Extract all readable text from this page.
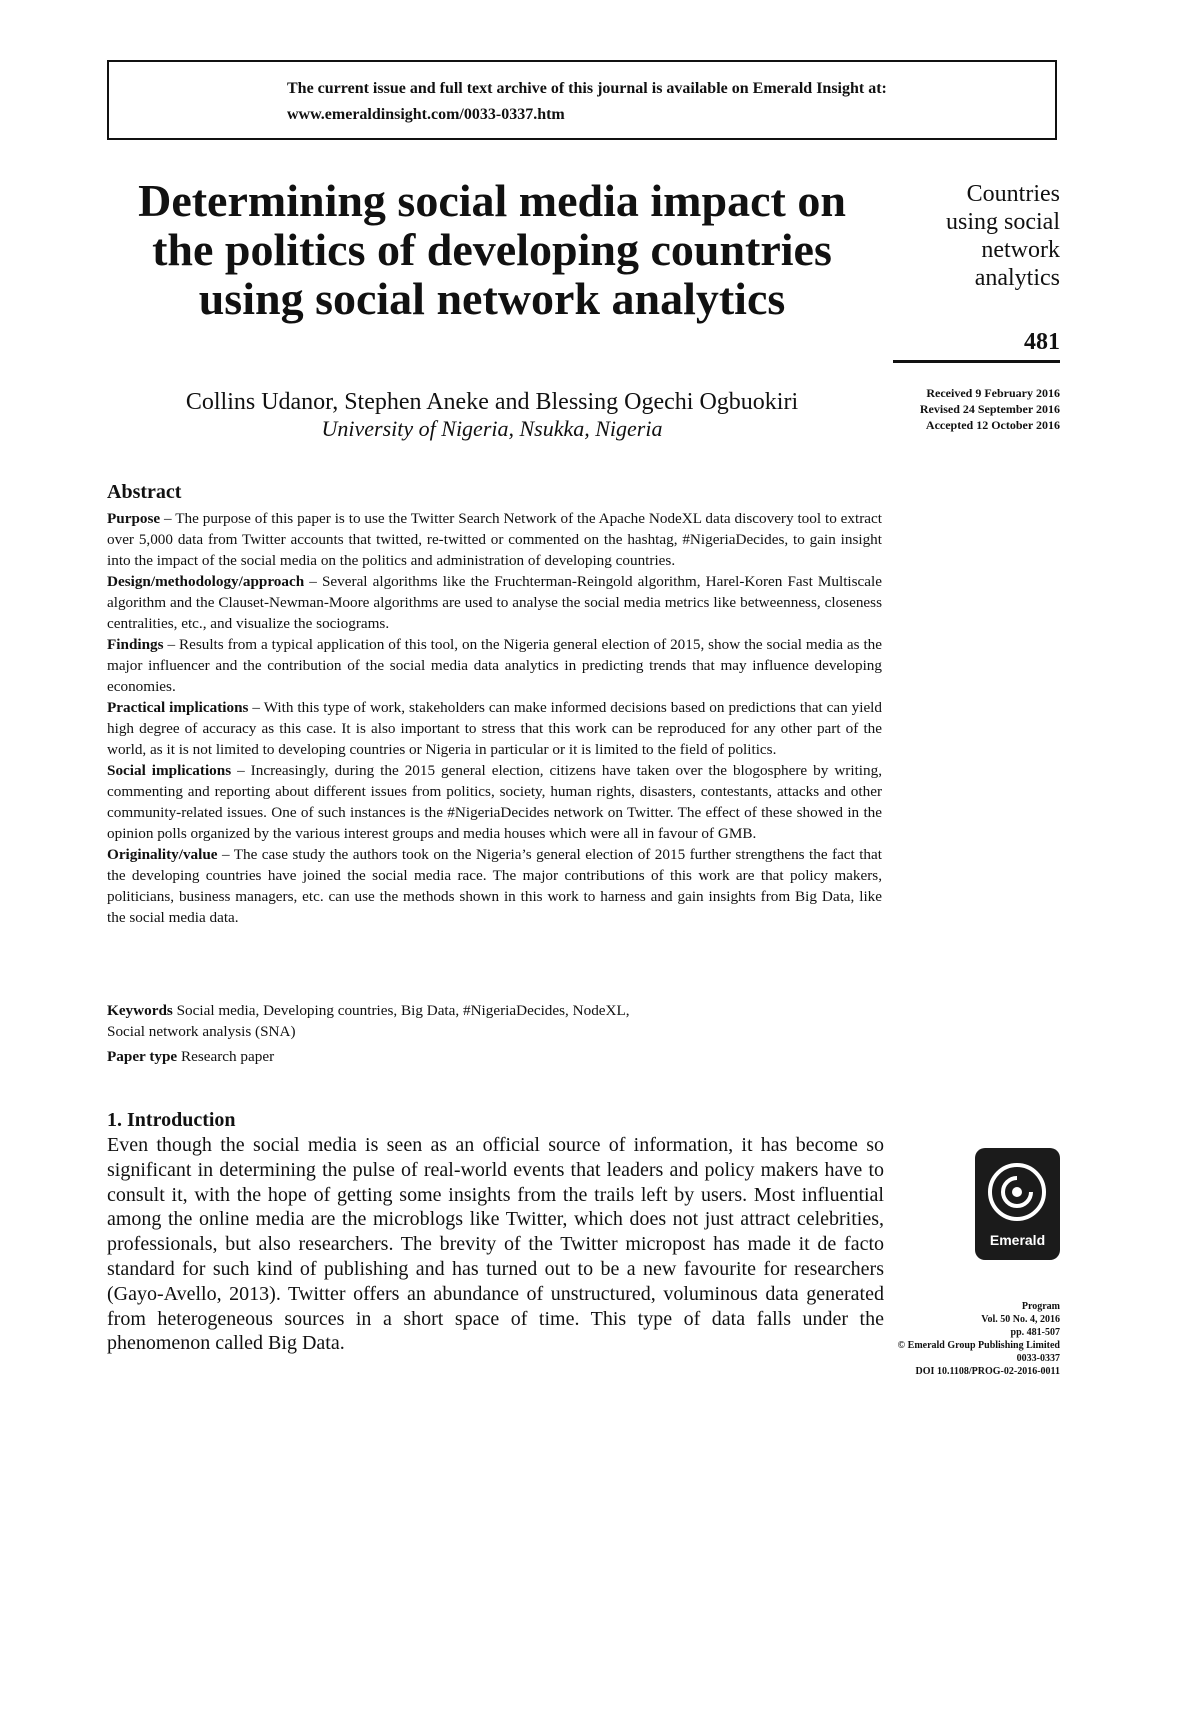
The current issue and full text archive of this journal is available on Emerald Insight at:
www.emeraldinsight.com/0033-0337.htm
Determining social media impact on the politics of developing countries using social network analytics
Collins Udanor, Stephen Aneke and Blessing Ogechi Ogbuokiri
University of Nigeria, Nsukka, Nigeria
Countries
using social
network
analytics
481
Received 9 February 2016
Revised 24 September 2016
Accepted 12 October 2016
Abstract

Purpose – The purpose of this paper is to use the Twitter Search Network of the Apache NodeXL data discovery tool to extract over 5,000 data from Twitter accounts that twitted, re-twitted or commented on the hashtag, #NigeriaDecides, to gain insight into the impact of the social media on the politics and administration of developing countries.

Design/methodology/approach – Several algorithms like the Fruchterman-Reingold algorithm, Harel-Koren Fast Multiscale algorithm and the Clauset-Newman-Moore algorithms are used to analyse the social media metrics like betweenness, closeness centralities, etc., and visualize the sociograms.

Findings – Results from a typical application of this tool, on the Nigeria general election of 2015, show the social media as the major influencer and the contribution of the social media data analytics in predicting trends that may influence developing economies.

Practical implications – With this type of work, stakeholders can make informed decisions based on predictions that can yield high degree of accuracy as this case. It is also important to stress that this work can be reproduced for any other part of the world, as it is not limited to developing countries or Nigeria in particular or it is limited to the field of politics.

Social implications – Increasingly, during the 2015 general election, citizens have taken over the blogosphere by writing, commenting and reporting about different issues from politics, society, human rights, disasters, contestants, attacks and other community-related issues. One of such instances is the #NigeriaDecides network on Twitter. The effect of these showed in the opinion polls organized by the various interest groups and media houses which were all in favour of GMB.

Originality/value – The case study the authors took on the Nigeria’s general election of 2015 further strengthens the fact that the developing countries have joined the social media race. The major contributions of this work are that policy makers, politicians, business managers, etc. can use the methods shown in this work to harness and gain insights from Big Data, like the social media data.

Keywords Social media, Developing countries, Big Data, #NigeriaDecides, NodeXL,
Social network analysis (SNA)
Paper type Research paper
1. Introduction

Even though the social media is seen as an official source of information, it has become so significant in determining the pulse of real-world events that leaders and policy makers have to consult it, with the hope of getting some insights from the trails left by users. Most influential among the online media are the microblogs like Twitter, which does not just attract celebrities, professionals, but also researchers. The brevity of the Twitter micropost has made it de facto standard for such kind of publishing and has turned out to be a new favourite for researchers (Gayo-Avello, 2013). Twitter offers an abundance of unstructured, voluminous data generated from heterogeneous sources in a short space of time. This type of data falls under the phenomenon called Big Data.

Emerald
Program
Vol. 50 No. 4, 2016
pp. 481-507
© Emerald Group Publishing Limited
0033-0337
DOI 10.1108/PROG-02-2016-0011
